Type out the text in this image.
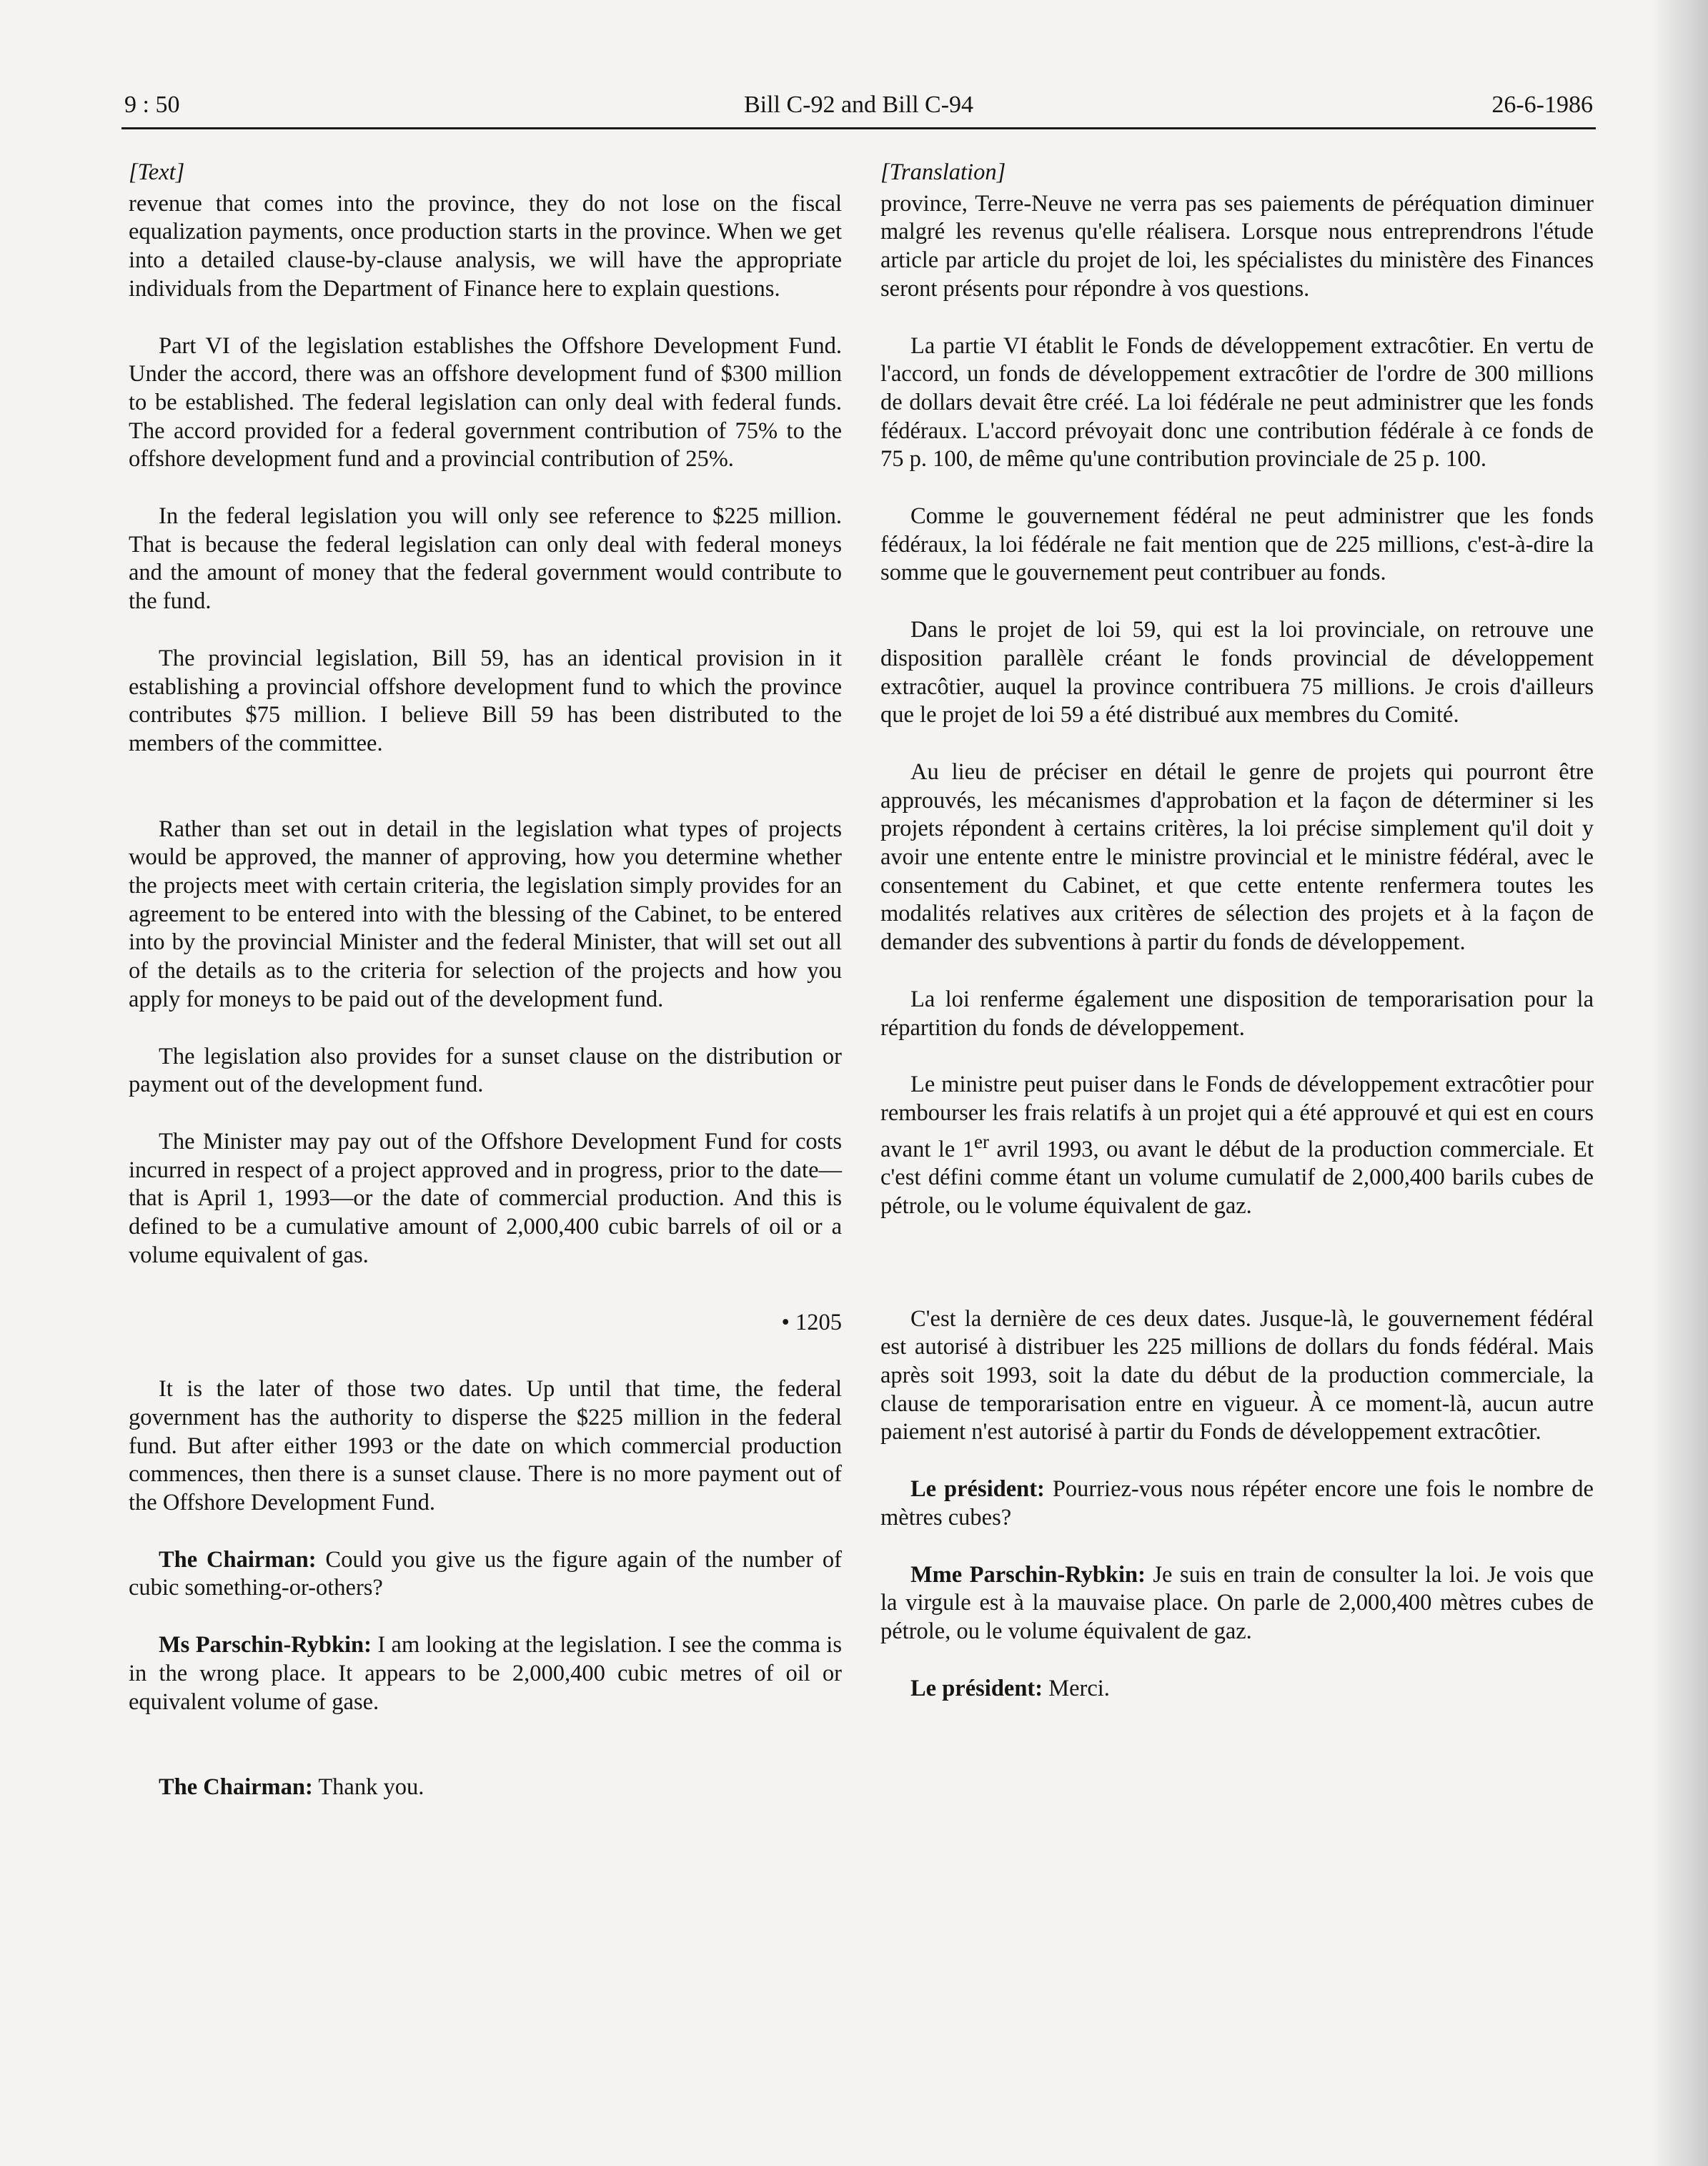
9 : 50	Bill C-92 and Bill C-94	26-6-1986

[Text]

revenue that comes into the province, they do not lose on the fiscal equalization payments, once production starts in the province. When we get into a detailed clause-by-clause analysis, we will have the appropriate individuals from the Department of Finance here to explain questions.

Part VI of the legislation establishes the Offshore Development Fund. Under the accord, there was an offshore development fund of $300 million to be established. The federal legislation can only deal with federal funds. The accord provided for a federal government contribution of 75% to the offshore development fund and a provincial contribution of 25%.

In the federal legislation you will only see reference to $225 million. That is because the federal legislation can only deal with federal moneys and the amount of money that the federal government would contribute to the fund.

The provincial legislation, Bill 59, has an identical provision in it establishing a provincial offshore development fund to which the province contributes $75 million. I believe Bill 59 has been distributed to the members of the committee.

Rather than set out in detail in the legislation what types of projects would be approved, the manner of approving, how you determine whether the projects meet with certain criteria, the legislation simply provides for an agreement to be entered into with the blessing of the Cabinet, to be entered into by the provincial Minister and the federal Minister, that will set out all of the details as to the criteria for selection of the projects and how you apply for moneys to be paid out of the development fund.

The legislation also provides for a sunset clause on the distribution or payment out of the development fund.

The Minister may pay out of the Offshore Development Fund for costs incurred in respect of a project approved and in progress, prior to the date—that is April 1, 1993—or the date of commercial production. And this is defined to be a cumulative amount of 2,000,400 cubic barrels of oil or a volume equivalent of gas.

• 1205

It is the later of those two dates. Up until that time, the federal government has the authority to disperse the $225 million in the federal fund. But after either 1993 or the date on which commercial production commences, then there is a sunset clause. There is no more payment out of the Offshore Development Fund.

The Chairman: Could you give us the figure again of the number of cubic something-or-others?

Ms Parschin-Rybkin: I am looking at the legislation. I see the comma is in the wrong place. It appears to be 2,000,400 cubic metres of oil or equivalent volume of gase.

The Chairman: Thank you.

[Translation]

province, Terre-Neuve ne verra pas ses paiements de péréquation diminuer malgré les revenus qu'elle réalisera. Lorsque nous entreprendrons l'étude article par article du projet de loi, les spécialistes du ministère des Finances seront présents pour répondre à vos questions.

La partie VI établit le Fonds de développement extracôtier. En vertu de l'accord, un fonds de développement extracôtier de l'ordre de 300 millions de dollars devait être créé. La loi fédérale ne peut administrer que les fonds fédéraux. L'accord prévoyait donc une contribution fédérale à ce fonds de 75 p. 100, de même qu'une contribution provinciale de 25 p. 100.

Comme le gouvernement fédéral ne peut administrer que les fonds fédéraux, la loi fédérale ne fait mention que de 225 millions, c'est-à-dire la somme que le gouvernement peut contribuer au fonds.

Dans le projet de loi 59, qui est la loi provinciale, on retrouve une disposition parallèle créant le fonds provincial de développement extracôtier, auquel la province contribuera 75 millions. Je crois d'ailleurs que le projet de loi 59 a été distribué aux membres du Comité.

Au lieu de préciser en détail le genre de projets qui pourront être approuvés, les mécanismes d'approbation et la façon de déterminer si les projets répondent à certains critères, la loi précise simplement qu'il doit y avoir une entente entre le ministre provincial et le ministre fédéral, avec le consentement du Cabinet, et que cette entente renfermera toutes les modalités relatives aux critères de sélection des projets et à la façon de demander des subventions à partir du fonds de développement.

La loi renferme également une disposition de temporarisation pour la répartition du fonds de développement.

Le ministre peut puiser dans le Fonds de développement extracôtier pour rembourser les frais relatifs à un projet qui a été approuvé et qui est en cours avant le 1er avril 1993, ou avant le début de la production commerciale. Et c'est défini comme étant un volume cumulatif de 2,000,400 barils cubes de pétrole, ou le volume équivalent de gaz.

C'est la dernière de ces deux dates. Jusque-là, le gouvernement fédéral est autorisé à distribuer les 225 millions de dollars du fonds fédéral. Mais après soit 1993, soit la date du début de la production commerciale, la clause de temporarisation entre en vigueur. À ce moment-là, aucun autre paiement n'est autorisé à partir du Fonds de développement extracôtier.

Le président: Pourriez-vous nous répéter encore une fois le nombre de mètres cubes?

Mme Parschin-Rybkin: Je suis en train de consulter la loi. Je vois que la virgule est à la mauvaise place. On parle de 2,000,400 mètres cubes de pétrole, ou le volume équivalent de gaz.

Le président: Merci.
